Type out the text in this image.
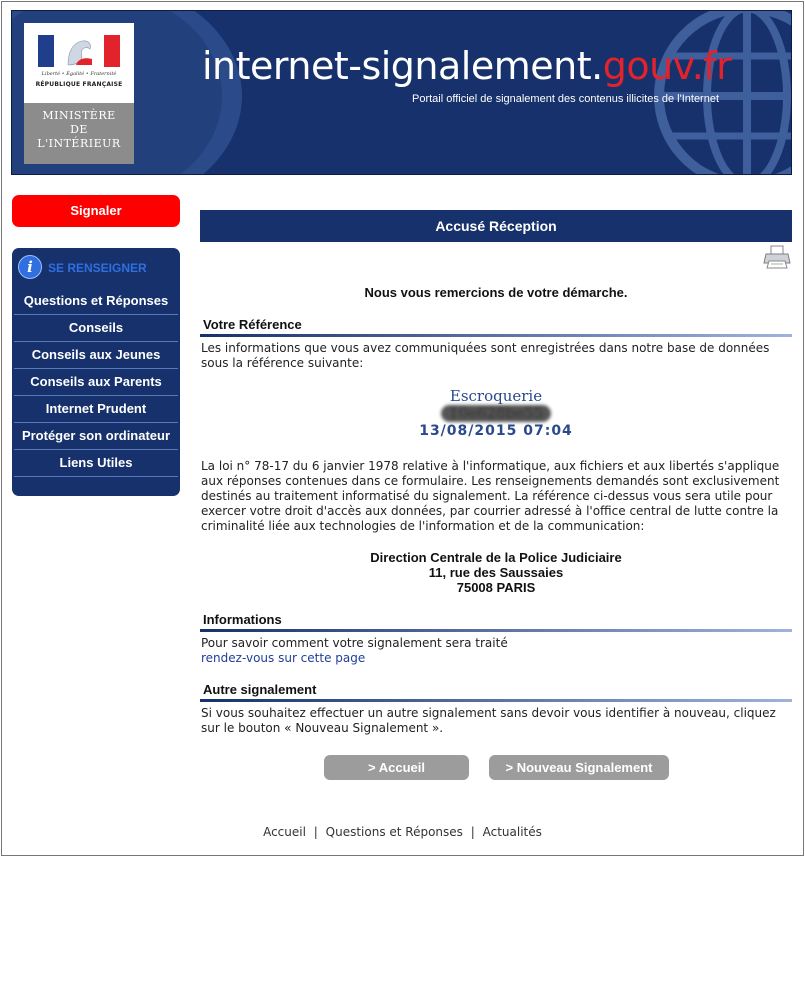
Liberté • Égalité • Fraternité
RÉPUBLIQUE FRANÇAISE
MINISTÈRE
DE
L'INTÉRIEUR
internet-signalement.gouv.fr
Portail officiel de signalement des contenus illicites de l'Internet
Signaler
i	SE RENSEIGNER
Questions et Réponses
Conseils
Conseils aux Jeunes
Conseils aux Parents
Internet Prudent
Protéger son ordinateur
Liens Utiles
Accusé Réception
Nous vous remercions de votre démarche.
Votre Référence
Les informations que vous avez communiquées sont enregistrées dans notre base de données sous la référence suivante:
Escroquerie
10e628be55
13/08/2015 07:04
La loi n° 78-17 du 6 janvier 1978 relative à l'informatique, aux fichiers et aux libertés s'applique aux réponses contenues dans ce formulaire. Les renseignements demandés sont exclusivement destinés au traitement informatisé du signalement. La référence ci-dessus vous sera utile pour exercer votre droit d'accès aux données, par courrier adressé à l'office central de lutte contre la criminalité liée aux technologies de l'information et de la communication:
Direction Centrale de la Police Judiciaire
11, rue des Saussaies
75008 PARIS
Informations
Pour savoir comment votre signalement sera traité
rendez-vous sur cette page
Autre signalement
Si vous souhaitez effectuer un autre signalement sans devoir vous identifier à nouveau, cliquez sur le bouton « Nouveau Signalement ».
> Accueil	> Nouveau Signalement
Accueil | Questions et Réponses | Actualités
